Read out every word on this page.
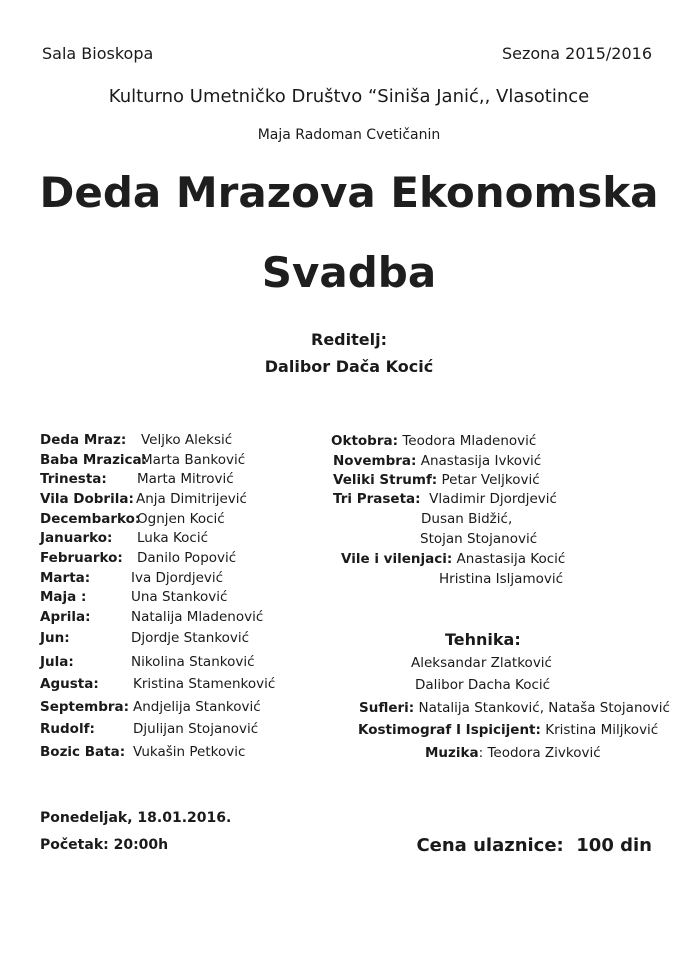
Sala Bioskopa	Sezona 2015/2016
Kulturno Umetničko Društvo “Siniša Janić,, Vlasotince
Maja Radoman Cvetičanin
Deda Mrazova Ekonomska
Svadba
Reditelj:
Dalibor Dača Kocić
Deda Mraz: Veljko Aleksić
Baba Mrazica:
Marta Banković
Trinesta: Marta Mitrović
Vila Dobrila: Anja Dimitrijević
Decembarko:
Ognjen Kocić
Januarko: Luka Kocić
Februarko: Danilo Popović
Marta:	Iva Djordjević
Maja :	Una Stanković
Aprila:	Natalija Mladenović
Jun:	Djordje Stanković
Jula:	Nikolina Stanković
Agusta:	Kristina Stamenković
Septembra: Andjelija Stanković
Rudolf:	Djulijan Stojanović
Bozic Bata: Vukašin Petkovic
Oktobra: Teodora Mladenović
Novembra: Anastasija Ivković
Veliki Strumf: Petar Veljković
Tri Praseta: Vladimir Djordjević
Dusan Bidžić,
Stojan Stojanović
Vile i vilenjaci: Anastasija Kocić
Hristina Isljamović
Tehnika:
Aleksandar Zlatković
Dalibor Dacha Kocić
Sufleri: Natalija Stanković, Nataša Stojanović
Kostimograf I Ispicijent: Kristina Miljković
Muzika: Teodora Zivković
Ponedeljak, 18.01.2016.
Početak: 20:00h	Cena ulaznice:  100 din
